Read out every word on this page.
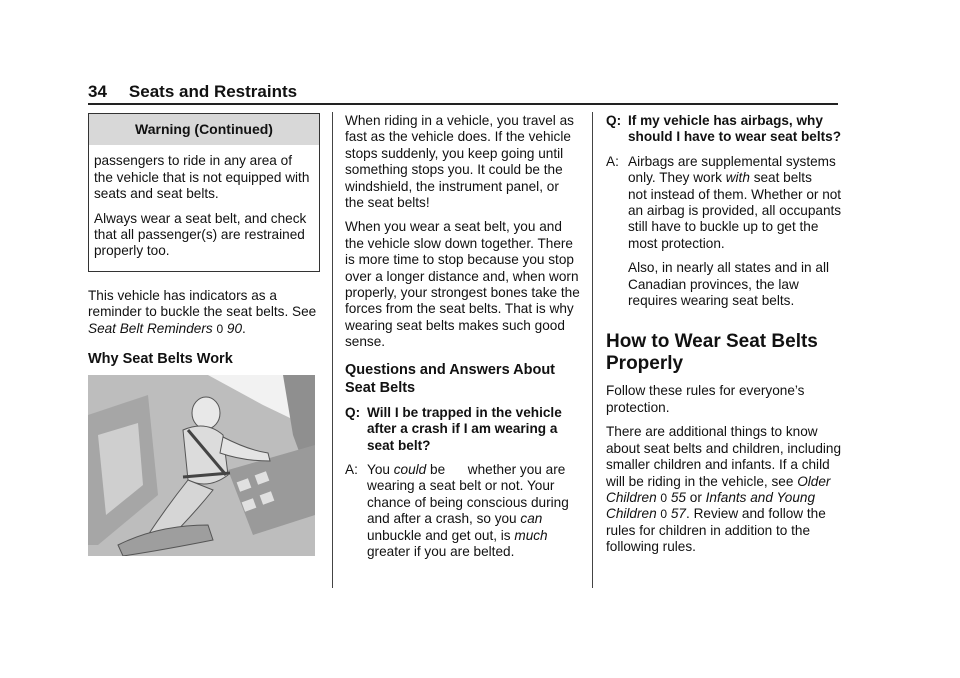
34 Seats and Restraints
Warning (Continued)

passengers to ride in any area of the vehicle that is not equipped with seats and seat belts.

Always wear a seat belt, and check that all passenger(s) are restrained properly too.

This vehicle has indicators as a reminder to buckle the seat belts. See Seat Belt Reminders 0 90.

Why Seat Belts Work

When riding in a vehicle, you travel as fast as the vehicle does. If the vehicle stops suddenly, you keep going until something stops you. It could be the windshield, the instrument panel, or the seat belts!

When you wear a seat belt, you and the vehicle slow down together. There is more time to stop because you stop over a longer distance and, when worn properly, your strongest bones take the forces from the seat belts. That is why wearing seat belts makes such good sense.

Questions and Answers About Seat Belts
Q: Will I be trapped in the vehicle after a crash if I am wearing a seat belt?
A: You could be      whether you are wearing a seat belt or not. Your chance of being conscious during and after a crash, so you can unbuckle and get out, is much greater if you are belted.
Q: If my vehicle has airbags, why should I have to wear seat belts?
A: Airbags are supplemental systems only. They work with seat belts      not instead of them. Whether or not an airbag is provided, all occupants still have to buckle up to get the most protection.

Also, in nearly all states and in all Canadian provinces, the law requires wearing seat belts.

How to Wear Seat Belts Properly

Follow these rules for everyone’s protection.

There are additional things to know about seat belts and children, including smaller children and infants. If a child will be riding in the vehicle, see Older Children 0 55 or Infants and Young Children 0 57. Review and follow the rules for children in addition to the following rules.
